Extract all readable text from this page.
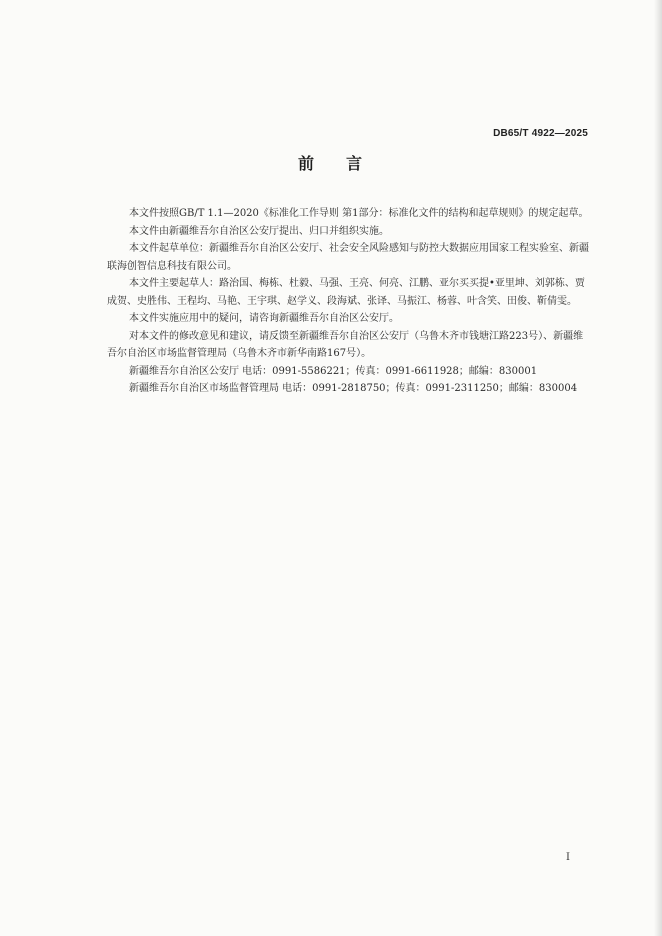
DB65/T 4922—2025
前 言

本文件按照GB/T 1.1—2020《标准化工作导则 第1部分：标准化文件的结构和起草规则》的规定起草。

本文件由新疆维吾尔自治区公安厅提出、归口并组织实施。

本文件起草单位：新疆维吾尔自治区公安厅、社会安全风险感知与防控大数据应用国家工程实验室、新疆联海创智信息科技有限公司。

本文件主要起草人：路治国、梅栋、杜毅、马强、王亮、何亮、江鹏、亚尔买买提•亚里坤、刘郭栋、贾成贺、史胜伟、王程均、马艳、王宇琪、赵学义、段海斌、张译、马振江、杨蓉、叶含笑、田俊、靳倩雯。

本文件实施应用中的疑问，请咨询新疆维吾尔自治区公安厅。

对本文件的修改意见和建议，请反馈至新疆维吾尔自治区公安厅（乌鲁木齐市钱塘江路223号）、新疆维吾尔自治区市场监督管理局（乌鲁木齐市新华南路167号）。

新疆维吾尔自治区公安厅 电话：0991-5586221；传真：0991-6611928；邮编：830001

新疆维吾尔自治区市场监督管理局 电话：0991-2818750；传真：0991-2311250；邮编：830004

I
